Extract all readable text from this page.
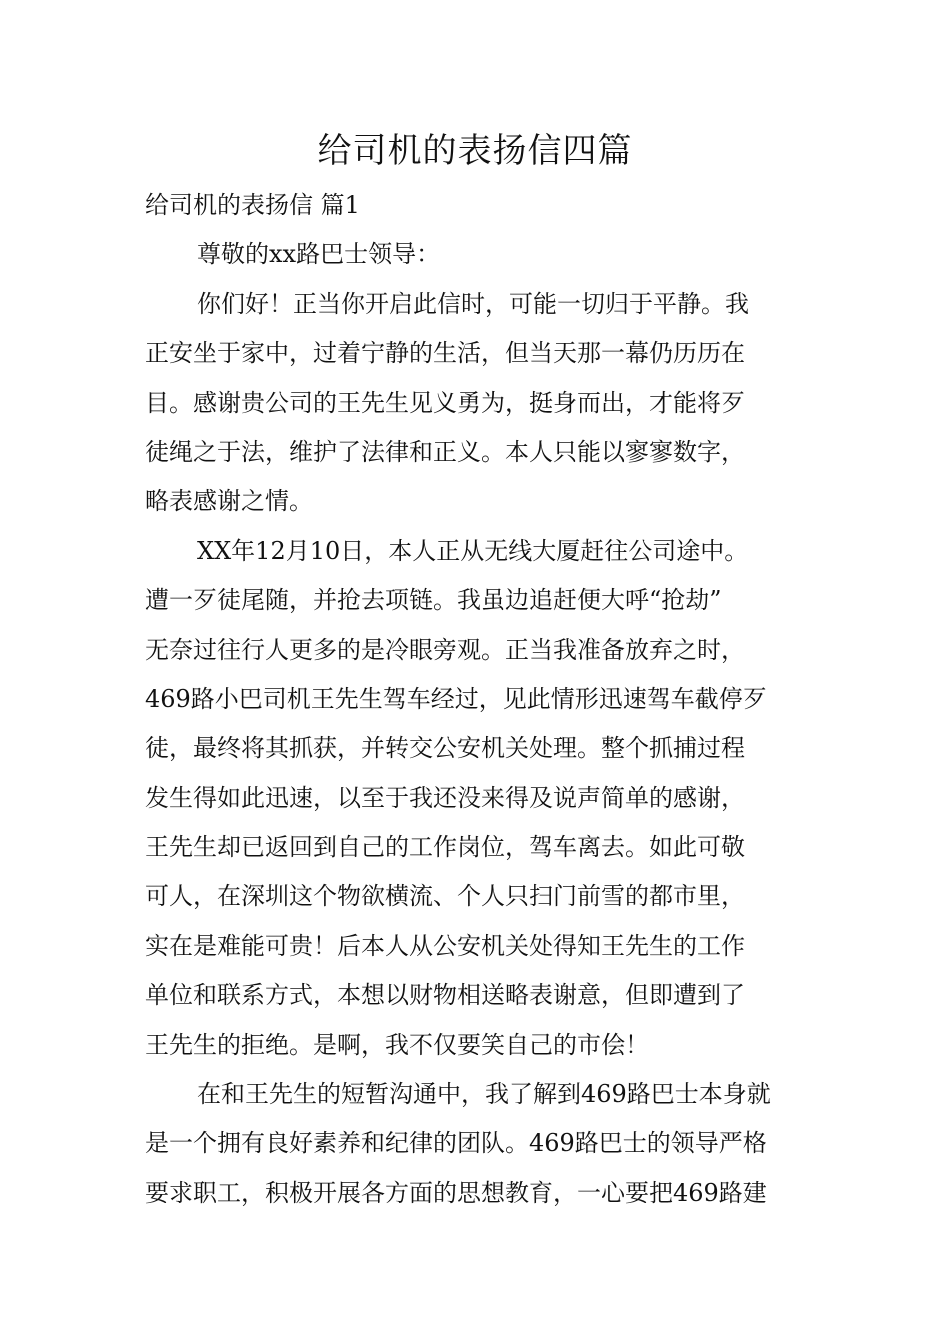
给司机的表扬信四篇
给司机的表扬信 篇1
尊敬的xx路巴士领导：
你们好！正当你开启此信时，可能一切归于平静。我
正安坐于家中，过着宁静的生活，但当天那一幕仍历历在
目。感谢贵公司的王先生见义勇为，挺身而出，才能将歹
徒绳之于法，维护了法律和正义。本人只能以寥寥数字，
略表感谢之情。
XX年12月10日，本人正从无线大厦赶往公司途中。
遭一歹徒尾随，并抢去项链。我虽边追赶便大呼“抢劫”
无奈过往行人更多的是冷眼旁观。正当我准备放弃之时，
469路小巴司机王先生驾车经过，见此情形迅速驾车截停歹
徒，最终将其抓获，并转交公安机关处理。整个抓捕过程
发生得如此迅速，以至于我还没来得及说声简单的感谢，
王先生却已返回到自己的工作岗位，驾车离去。如此可敬
可人，在深圳这个物欲横流、个人只扫门前雪的都市里，
实在是难能可贵！后本人从公安机关处得知王先生的工作
单位和联系方式，本想以财物相送略表谢意，但即遭到了
王先生的拒绝。是啊，我不仅要笑自己的市侩！
在和王先生的短暂沟通中，我了解到469路巴士本身就
是一个拥有良好素养和纪律的团队。469路巴士的领导严格
要求职工，积极开展各方面的思想教育，一心要把469路建
